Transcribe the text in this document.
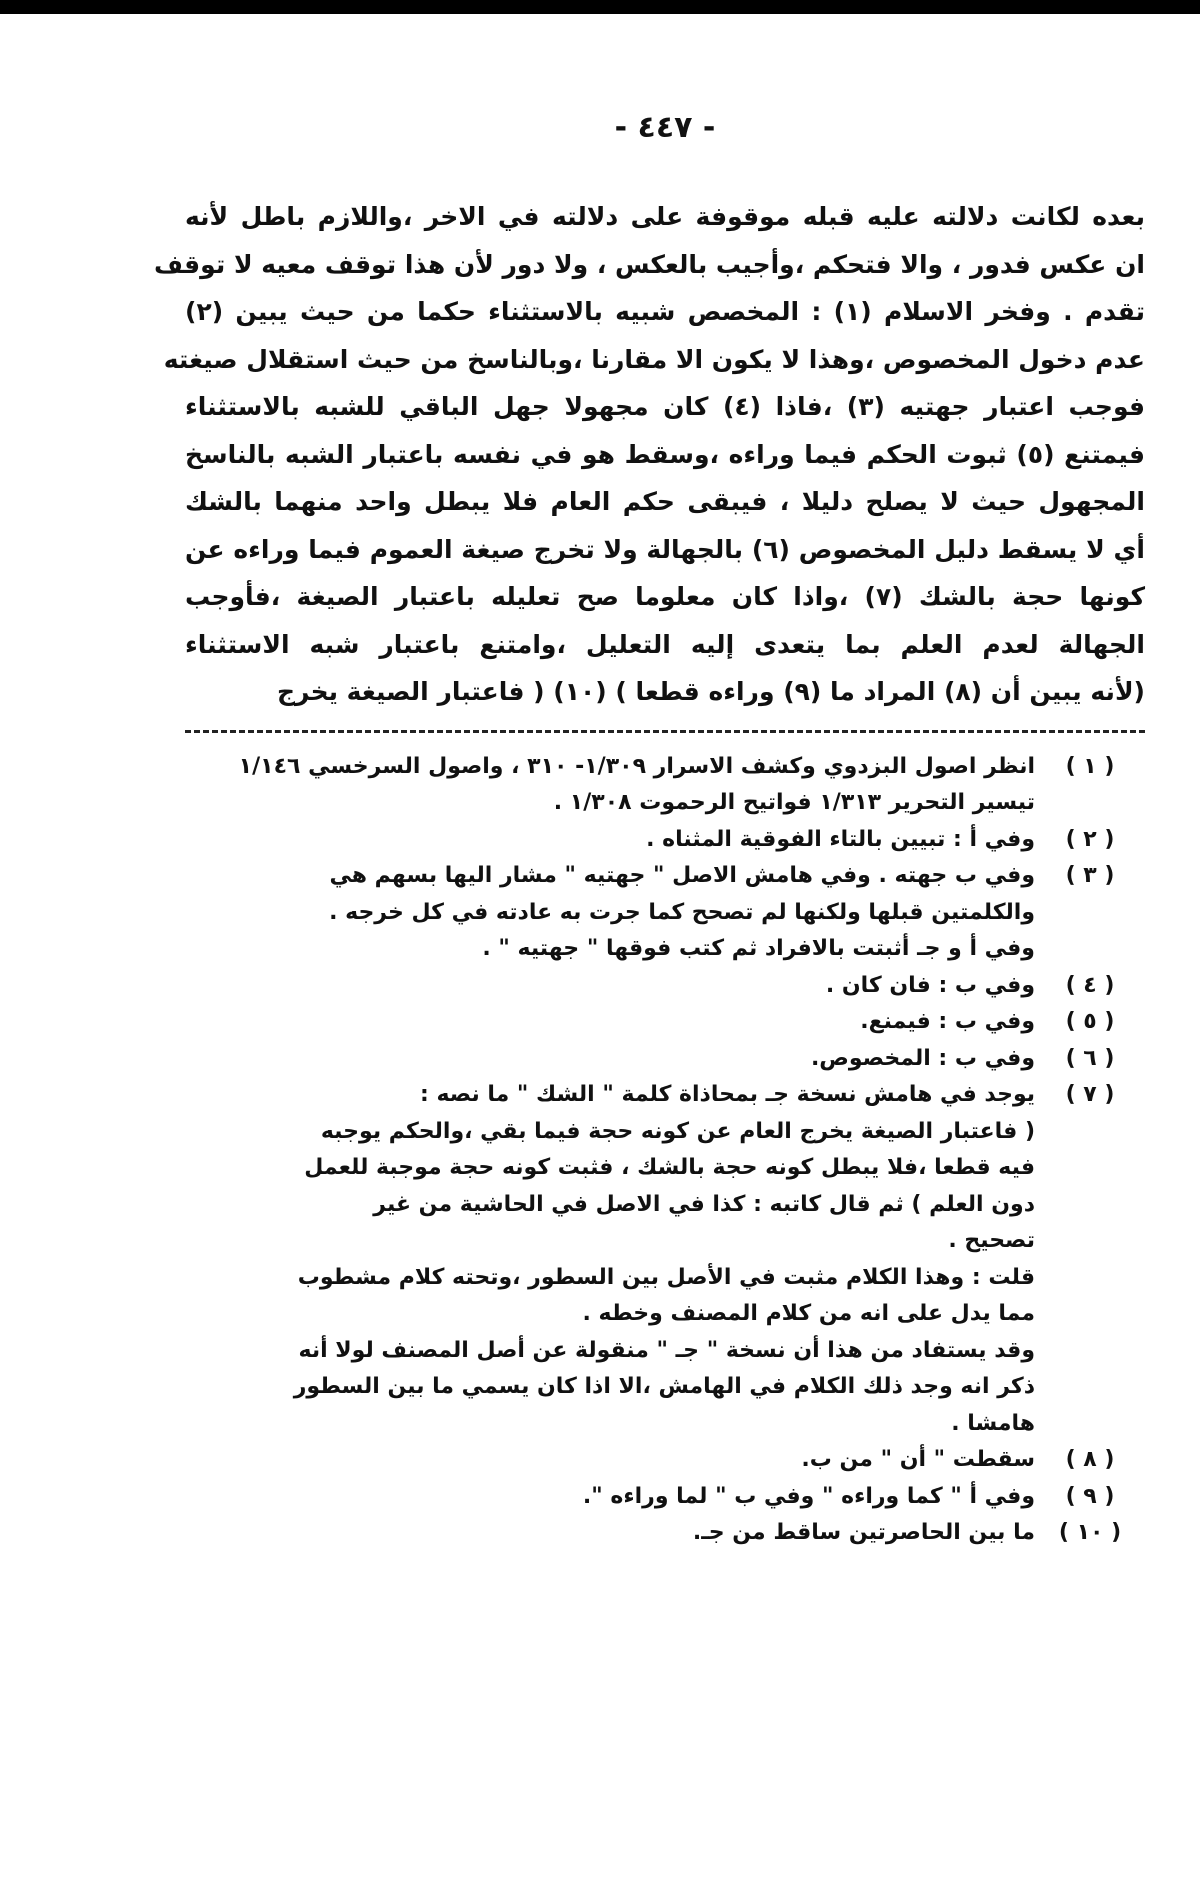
- ٤٤٧ -
بعده لكانت دلالته عليه قبله موقوفة على دلالته في الاخر ،واللازم باطل لأنه
ان عكس فدور ، والا فتحكم ،وأجيب بالعكس ، ولا دور لأن هذا توقف معيه لا توقف
تقدم . وفخر الاسلام (١) : المخصص شبيه بالاستثناء حكما من حيث يبين (٢)
عدم دخول المخصوص ،وهذا لا يكون الا مقارنا ،وبالناسخ من حيث استقلال صيغته
فوجب اعتبار جهتيه (٣) ،فاذا (٤) كان مجهولا جهل الباقي للشبه بالاستثناء
فيمتنع (٥) ثبوت الحكم فيما وراءه ،وسقط هو في نفسه باعتبار الشبه بالناسخ
المجهول حيث لا يصلح دليلا ، فيبقى حكم العام فلا يبطل واحد منهما بالشك
أي لا يسقط دليل المخصوص (٦) بالجهالة ولا تخرج صيغة العموم فيما وراءه عن
كونها حجة بالشك (٧) ،واذا كان معلوما صح تعليله باعتبار الصيغة ،فأوجب
الجهالة لعدم العلم بما يتعدى إليه التعليل ،وامتنع باعتبار شبه الاستثناء
(لأنه يبين أن (٨) المراد ما (٩) وراءه قطعا ) (١٠) ( فاعتبار الصيغة يخرج
( ١ )
انظر اصول البزدوي وكشف الاسرار ١/٣٠٩- ٣١٠ ، واصول السرخسي ١/١٤٦
تيسير التحرير ١/٣١٣ فواتيح الرحموت ١/٣٠٨ .
( ٢ )
وفي أ : تبيين بالتاء الفوقية المثناه .
( ٣ )
وفي ب جهته . وفي هامش الاصل " جهتيه " مشار اليها بسهم هي
والكلمتين قبلها ولكنها لم تصحح كما جرت به عادته في كل خرجه .
وفي أ و جـ أثبتت بالافراد ثم كتب فوقها " جهتيه " .
( ٤ )
وفي ب : فان كان .
( ٥ )
وفي ب : فيمنع.
( ٦ )
وفي ب : المخصوص.
( ٧ )
يوجد في هامش نسخة جـ بمحاذاة كلمة " الشك " ما نصه :
( فاعتبار الصيغة يخرج العام عن كونه حجة فيما بقي ،والحكم يوجبه
فيه قطعا ،فلا يبطل كونه حجة بالشك ، فثبت كونه حجة موجبة للعمل
دون العلم ) ثم قال كاتبه : كذا في الاصل في الحاشية من غير
تصحيح .
قلت : وهذا الكلام مثبت في الأصل بين السطور ،وتحته كلام مشطوب
مما يدل على انه من كلام المصنف وخطه .
وقد يستفاد من هذا أن نسخة " جـ " منقولة عن أصل المصنف لولا أنه
ذكر انه وجد ذلك الكلام في الهامش ،الا اذا كان يسمي ما بين السطور
هامشا .
( ٨ )
سقطت " أن " من ب.
( ٩ )
وفي أ " كما وراءه " وفي ب " لما وراءه ".
( ١٠ )
ما بين الحاصرتين ساقط من جـ.
